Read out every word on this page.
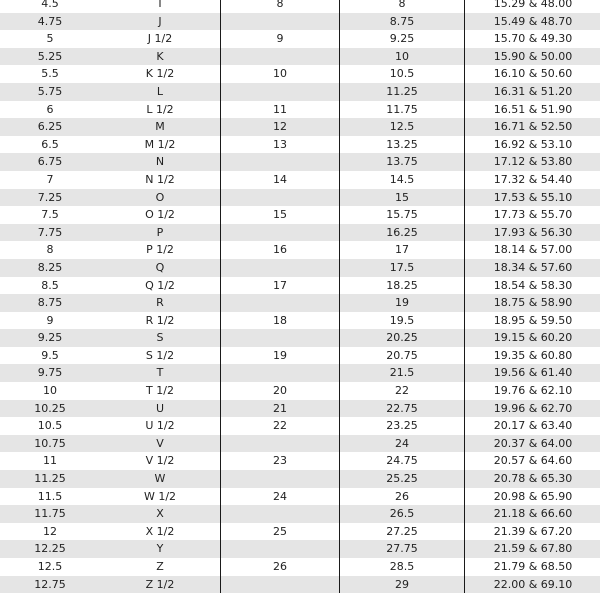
4.5	I	8	8	15.29 & 48.00
4.75	J		8.75	15.49 & 48.70
5	J 1/2	9	9.25	15.70 & 49.30
5.25	K		10	15.90 & 50.00
5.5	K 1/2	10	10.5	16.10 & 50.60
5.75	L		11.25	16.31 & 51.20
6	L 1/2	11	11.75	16.51 & 51.90
6.25	M	12	12.5	16.71 & 52.50
6.5	M 1/2	13	13.25	16.92 & 53.10
6.75	N		13.75	17.12 & 53.80
7	N 1/2	14	14.5	17.32 & 54.40
7.25	O		15	17.53 & 55.10
7.5	O 1/2	15	15.75	17.73 & 55.70
7.75	P		16.25	17.93 & 56.30
8	P 1/2	16	17	18.14 & 57.00
8.25	Q		17.5	18.34 & 57.60
8.5	Q 1/2	17	18.25	18.54 & 58.30
8.75	R		19	18.75 & 58.90
9	R 1/2	18	19.5	18.95 & 59.50
9.25	S		20.25	19.15 & 60.20
9.5	S 1/2	19	20.75	19.35 & 60.80
9.75	T		21.5	19.56 & 61.40
10	T 1/2	20	22	19.76 & 62.10
10.25	U	21	22.75	19.96 & 62.70
10.5	U 1/2	22	23.25	20.17 & 63.40
10.75	V		24	20.37 & 64.00
11	V 1/2	23	24.75	20.57 & 64.60
11.25	W		25.25	20.78 & 65.30
11.5	W 1/2	24	26	20.98 & 65.90
11.75	X		26.5	21.18 & 66.60
12	X 1/2	25	27.25	21.39 & 67.20
12.25	Y		27.75	21.59 & 67.80
12.5	Z	26	28.5	21.79 & 68.50
12.75	Z 1/2		29	22.00 & 69.10
